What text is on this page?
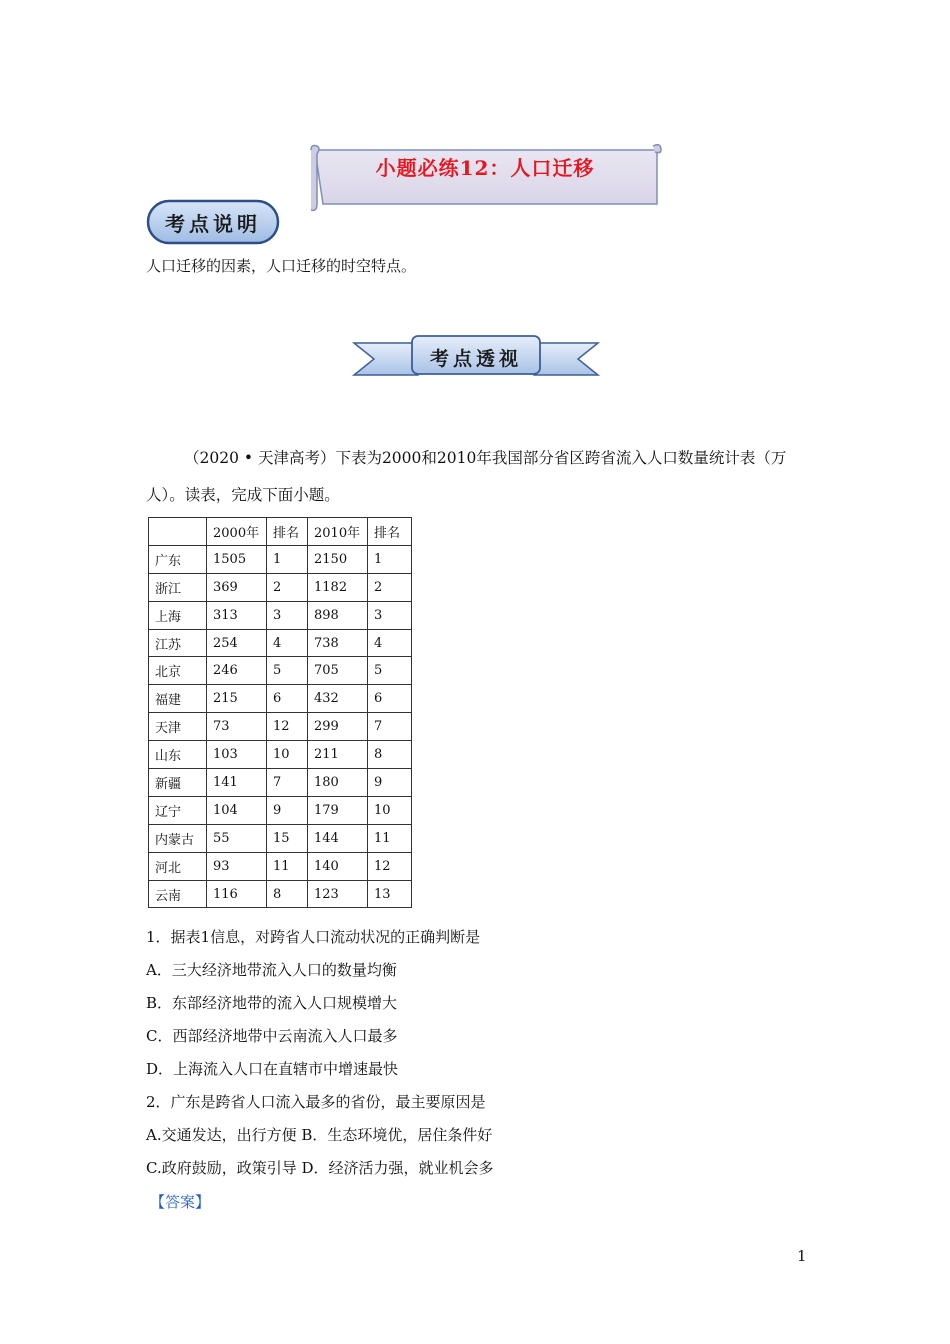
小题必练12：人口迁移
考点说明
人口迁移的因素，人口迁移的时空特点。
考点透视
（2020 • 天津高考）下表为2000和2010年我国部分省区跨省流入人口数量统计表（万
人）。读表，完成下面小题。
	2000年	排名	2010年	排名
广东	1505	1	2150	1
浙江	369	2	1182	2
上海	313	3	898	3
江苏	254	4	738	4
北京	246	5	705	5
福建	215	6	432	6
天津	73	12	299	7
山东	103	10	211	8
新疆	141	7	180	9
辽宁	104	9	179	10
内蒙古	55	15	144	11
河北	93	11	140	12
云南	116	8	123	13
1．据表1信息，对跨省人口流动状况的正确判断是
A．三大经济地带流入人口的数量均衡
B．东部经济地带的流入人口规模增大
C．西部经济地带中云南流入人口最多
D．上海流入人口在直辖市中增速最快
2．广东是跨省人口流入最多的省份，最主要原因是
A.交通发达，出行方便 B．生态环境优，居住条件好
C.政府鼓励，政策引导 D．经济活力强，就业机会多
【答案】
1
